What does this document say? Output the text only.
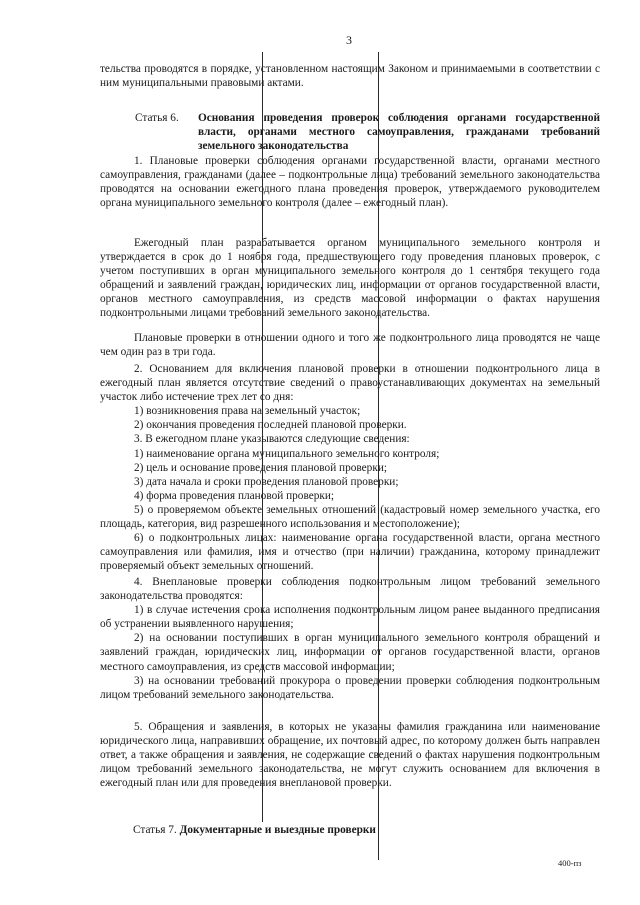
3

тельства проводятся в порядке, установленном настоящим Законом и принимаемыми в соответствии с ним муниципальными правовыми актами.

Статья 6.	Основания проведения проверок соблюдения органами государственной власти, органами местного самоуправления, гражданами требований земельного законодательства

1. Плановые проверки соблюдения органами государственной власти, органами местного самоуправления, гражданами (далее – подконтрольные лица) требований земельного законодательства проводятся на основании ежегодного плана проведения проверок, утверждаемого руководителем органа муниципального земельного контроля (далее – ежегодный план).

Ежегодный план разрабатывается органом муниципального земельного контроля и утверждается в срок до 1 ноября года, предшествующего году проведения плановых проверок, с учетом поступивших в орган муниципального земельного контроля до 1 сентября текущего года обращений и заявлений граждан, юридических лиц, информации от органов государственной власти, органов местного самоуправления, из средств массовой информации о фактах нарушения подконтрольными лицами требований земельного законодательства.

Плановые проверки в отношении одного и того же подконтрольного лица проводятся не чаще чем один раз в три года.

2. Основанием для включения плановой проверки в отношении подконтрольного лица в ежегодный план является отсутствие сведений о правоустанавливающих документах на земельный участок либо истечение трех лет со дня:

1) возникновения права на земельный участок;

2) окончания проведения последней плановой проверки.

3. В ежегодном плане указываются следующие сведения:

1) наименование органа муниципального земельного контроля;

2) цель и основание проведения плановой проверки;

3) дата начала и сроки проведения плановой проверки;

4) форма проведения плановой проверки;

5) о проверяемом объекте земельных отношений (кадастровый номер земельного участка, его площадь, категория, вид разрешенного использования и местоположение);

6) о подконтрольных лицах: наименование органа государственной власти, органа местного самоуправления или фамилия, имя и отчество (при наличии) гражданина, которому принадлежит проверяемый объект земельных отношений.

4. Внеплановые проверки соблюдения подконтрольным лицом требований земельного законодательства проводятся:

1) в случае истечения срока исполнения подконтрольным лицом ранее выданного предписания об устранении выявленного нарушения;

2) на основании поступивших в орган муниципального земельного контроля обращений и заявлений граждан, юридических лиц, информации от органов государственной власти, органов местного самоуправления, из средств массовой информации;

3) на основании требований прокурора о проведении проверки соблюдения подконтрольным лицом требований земельного законодательства.

5. Обращения и заявления, в которых не указаны фамилия гражданина или наименование юридического лица, направивших обращение, их почтовый адрес, по которому должен быть направлен ответ, а также обращения и заявления, не содержащие сведений о фактах нарушения подконтрольным лицом требований земельного законодательства, не могут служить основанием для включения в ежегодный план или для проведения внеплановой проверки.

Статья 7. Документарные и выездные проверки
400-пз
